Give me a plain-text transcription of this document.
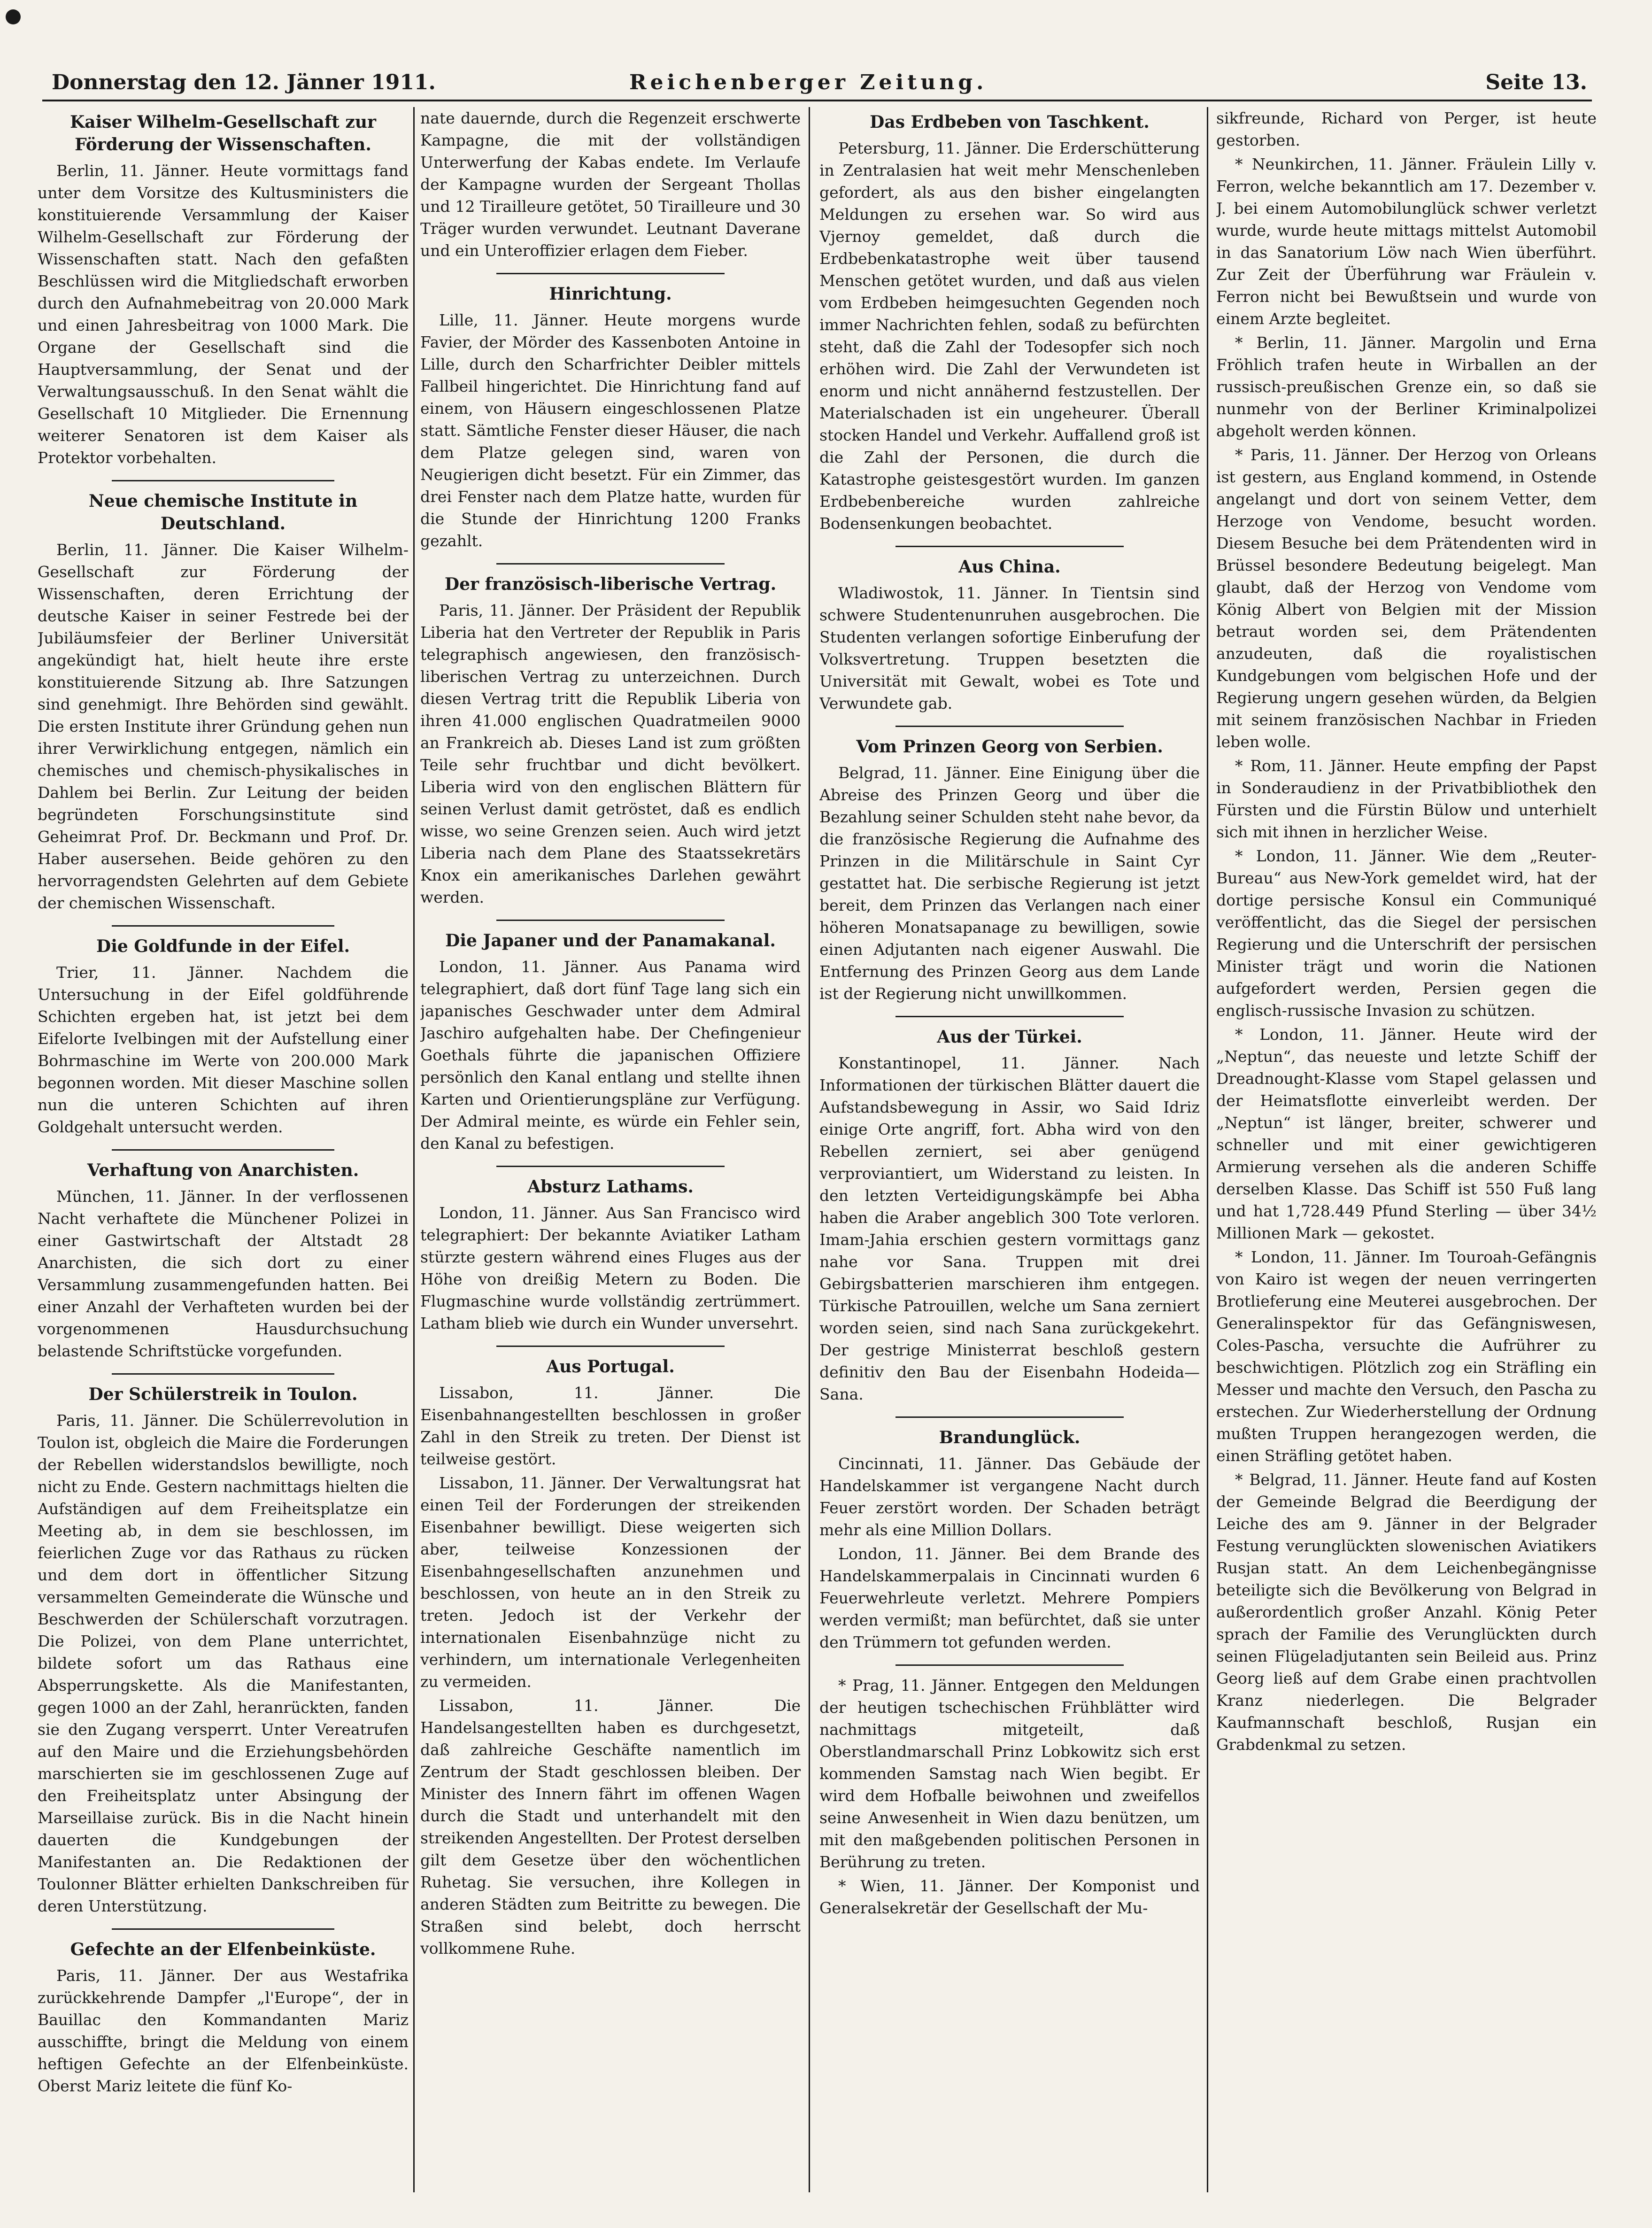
Donnerstag den 12. Jänner 1911.	Reichenberger Zeitung.	Seite 13.
Kaiser Wilhelm-Gesellschaft zur Förderung der Wissenschaften.

Berlin, 11. Jänner. Heute vormittags fand unter dem Vorsitze des Kultusministers die konstituierende Versammlung der Kaiser Wilhelm-Gesellschaft zur Förderung der Wissenschaften statt. Nach den gefaßten Beschlüssen wird die Mitgliedschaft erworben durch den Aufnahmebeitrag von 20.000 Mark und einen Jahresbeitrag von 1000 Mark. Die Organe der Gesellschaft sind die Hauptversammlung, der Senat und der Verwaltungsausschuß. In den Senat wählt die Gesellschaft 10 Mitglieder. Die Ernennung weiterer Senatoren ist dem Kaiser als Protektor vorbehalten.

Neue chemische Institute in Deutschland.

Berlin, 11. Jänner. Die Kaiser Wilhelm-Gesellschaft zur Förderung der Wissenschaften, deren Errichtung der deutsche Kaiser in seiner Festrede bei der Jubiläumsfeier der Berliner Universität angekündigt hat, hielt heute ihre erste konstituierende Sitzung ab. Ihre Satzungen sind genehmigt. Ihre Behörden sind gewählt. Die ersten Institute ihrer Gründung gehen nun ihrer Verwirklichung entgegen, nämlich ein chemisches und chemisch-physikalisches in Dahlem bei Berlin. Zur Leitung der beiden begründeten Forschungsinstitute sind Geheimrat Prof. Dr. Beckmann und Prof. Dr. Haber ausersehen. Beide gehören zu den hervorragendsten Gelehrten auf dem Gebiete der chemischen Wissenschaft.

Die Goldfunde in der Eifel.

Trier, 11. Jänner. Nachdem die Untersuchung in der Eifel goldführende Schichten ergeben hat, ist jetzt bei dem Eifelorte Ivelbingen mit der Aufstellung einer Bohrmaschine im Werte von 200.000 Mark begonnen worden. Mit dieser Maschine sollen nun die unteren Schichten auf ihren Goldgehalt untersucht werden.

Verhaftung von Anarchisten.

München, 11. Jänner. In der verflossenen Nacht verhaftete die Münchener Polizei in einer Gastwirtschaft der Altstadt 28 Anarchisten, die sich dort zu einer Versammlung zusammengefunden hatten. Bei einer Anzahl der Verhafteten wurden bei der vorgenommenen Hausdurchsuchung belastende Schriftstücke vorgefunden.

Der Schülerstreik in Toulon.

Paris, 11. Jänner. Die Schülerrevolution in Toulon ist, obgleich die Maire die Forderungen der Rebellen widerstandslos bewilligte, noch nicht zu Ende. Gestern nachmittags hielten die Aufständigen auf dem Freiheitsplatze ein Meeting ab, in dem sie beschlossen, im feierlichen Zuge vor das Rathaus zu rücken und dem dort in öffentlicher Sitzung versammelten Gemeinderate die Wünsche und Beschwerden der Schülerschaft vorzutragen. Die Polizei, von dem Plane unterrichtet, bildete sofort um das Rathaus eine Absperrungskette. Als die Manifestanten, gegen 1000 an der Zahl, heranrückten, fanden sie den Zugang versperrt. Unter Vereatrufen auf den Maire und die Erziehungsbehörden marschierten sie im geschlossenen Zuge auf den Freiheitsplatz unter Absingung der Marseillaise zurück. Bis in die Nacht hinein dauerten die Kundgebungen der Manifestanten an. Die Redaktionen der Toulonner Blätter erhielten Dankschreiben für deren Unterstützung.

Gefechte an der Elfenbeinküste.

Paris, 11. Jänner. Der aus Westafrika zurückkehrende Dampfer „l'Europe“, der in Bauillac den Kommandanten Mariz ausschiffte, bringt die Meldung von einem heftigen Gefechte an der Elfenbeinküste. Oberst Mariz leitete die fünf Ko-

nate dauernde, durch die Regenzeit erschwerte Kampagne, die mit der vollständigen Unterwerfung der Kabas endete. Im Verlaufe der Kampagne wurden der Sergeant Thollas und 12 Tirailleure getötet, 50 Tirailleure und 30 Träger wurden verwundet. Leutnant Daverane und ein Unteroffizier erlagen dem Fieber.

Hinrichtung.

Lille, 11. Jänner. Heute morgens wurde Favier, der Mörder des Kassenboten Antoine in Lille, durch den Scharfrichter Deibler mittels Fallbeil hingerichtet. Die Hinrichtung fand auf einem, von Häusern eingeschlossenen Platze statt. Sämtliche Fenster dieser Häuser, die nach dem Platze gelegen sind, waren von Neugierigen dicht besetzt. Für ein Zimmer, das drei Fenster nach dem Platze hatte, wurden für die Stunde der Hinrichtung 1200 Franks gezahlt.

Der französisch-liberische Vertrag.

Paris, 11. Jänner. Der Präsident der Republik Liberia hat den Vertreter der Republik in Paris telegraphisch angewiesen, den französisch-liberischen Vertrag zu unterzeichnen. Durch diesen Vertrag tritt die Republik Liberia von ihren 41.000 englischen Quadratmeilen 9000 an Frankreich ab. Dieses Land ist zum größten Teile sehr fruchtbar und dicht bevölkert. Liberia wird von den englischen Blättern für seinen Verlust damit getröstet, daß es endlich wisse, wo seine Grenzen seien. Auch wird jetzt Liberia nach dem Plane des Staatssekretärs Knox ein amerikanisches Darlehen gewährt werden.

Die Japaner und der Panamakanal.

London, 11. Jänner. Aus Panama wird telegraphiert, daß dort fünf Tage lang sich ein japanisches Geschwader unter dem Admiral Jaschiro aufgehalten habe. Der Chefingenieur Goethals führte die japanischen Offiziere persönlich den Kanal entlang und stellte ihnen Karten und Orientierungspläne zur Verfügung. Der Admiral meinte, es würde ein Fehler sein, den Kanal zu befestigen.

Absturz Lathams.

London, 11. Jänner. Aus San Francisco wird telegraphiert: Der bekannte Aviatiker Latham stürzte gestern während eines Fluges aus der Höhe von dreißig Metern zu Boden. Die Flugmaschine wurde vollständig zertrümmert. Latham blieb wie durch ein Wunder unversehrt.

Aus Portugal.

Lissabon, 11. Jänner. Die Eisenbahnangestellten beschlossen in großer Zahl in den Streik zu treten. Der Dienst ist teilweise gestört.

Lissabon, 11. Jänner. Der Verwaltungsrat hat einen Teil der Forderungen der streikenden Eisenbahner bewilligt. Diese weigerten sich aber, teilweise Konzessionen der Eisenbahngesellschaften anzunehmen und beschlossen, von heute an in den Streik zu treten. Jedoch ist der Verkehr der internationalen Eisenbahnzüge nicht zu verhindern, um internationale Verlegenheiten zu vermeiden.

Lissabon, 11. Jänner. Die Handelsangestellten haben es durchgesetzt, daß zahlreiche Geschäfte namentlich im Zentrum der Stadt geschlossen bleiben. Der Minister des Innern fährt im offenen Wagen durch die Stadt und unterhandelt mit den streikenden Angestellten. Der Protest derselben gilt dem Gesetze über den wöchentlichen Ruhetag. Sie versuchen, ihre Kollegen in anderen Städten zum Beitritte zu bewegen. Die Straßen sind belebt, doch herrscht vollkommene Ruhe.

Das Erdbeben von Taschkent.

Petersburg, 11. Jänner. Die Erderschütterung in Zentralasien hat weit mehr Menschenleben gefordert, als aus den bisher eingelangten Meldungen zu ersehen war. So wird aus Vjernoy gemeldet, daß durch die Erdbebenkatastrophe weit über tausend Menschen getötet wurden, und daß aus vielen vom Erdbeben heimgesuchten Gegenden noch immer Nachrichten fehlen, sodaß zu befürchten steht, daß die Zahl der Todesopfer sich noch erhöhen wird. Die Zahl der Verwundeten ist enorm und nicht annähernd festzustellen. Der Materialschaden ist ein ungeheurer. Überall stocken Handel und Verkehr. Auffallend groß ist die Zahl der Personen, die durch die Katastrophe geistesgestört wurden. Im ganzen Erdbebenbereiche wurden zahlreiche Bodensenkungen beobachtet.

Aus China.

Wladiwostok, 11. Jänner. In Tientsin sind schwere Studentenunruhen ausgebrochen. Die Studenten verlangen sofortige Einberufung der Volksvertretung. Truppen besetzten die Universität mit Gewalt, wobei es Tote und Verwundete gab.

Vom Prinzen Georg von Serbien.

Belgrad, 11. Jänner. Eine Einigung über die Abreise des Prinzen Georg und über die Bezahlung seiner Schulden steht nahe bevor, da die französische Regierung die Aufnahme des Prinzen in die Militärschule in Saint Cyr gestattet hat. Die serbische Regierung ist jetzt bereit, dem Prinzen das Verlangen nach einer höheren Monatsapanage zu bewilligen, sowie einen Adjutanten nach eigener Auswahl. Die Entfernung des Prinzen Georg aus dem Lande ist der Regierung nicht unwillkommen.

Aus der Türkei.

Konstantinopel, 11. Jänner. Nach Informationen der türkischen Blätter dauert die Aufstandsbewegung in Assir, wo Said Idriz einige Orte angriff, fort. Abha wird von den Rebellen zerniert, sei aber genügend verproviantiert, um Widerstand zu leisten. In den letzten Verteidigungskämpfe bei Abha haben die Araber angeblich 300 Tote verloren. Imam-Jahia erschien gestern vormittags ganz nahe vor Sana. Truppen mit drei Gebirgsbatterien marschieren ihm entgegen. Türkische Patrouillen, welche um Sana zerniert worden seien, sind nach Sana zurückgekehrt. Der gestrige Ministerrat beschloß gestern definitiv den Bau der Eisenbahn Hodeida—Sana.

Brandunglück.

Cincinnati, 11. Jänner. Das Gebäude der Handelskammer ist vergangene Nacht durch Feuer zerstört worden. Der Schaden beträgt mehr als eine Million Dollars.

London, 11. Jänner. Bei dem Brande des Handelskammerpalais in Cincinnati wurden 6 Feuerwehrleute verletzt. Mehrere Pompiers werden vermißt; man befürchtet, daß sie unter den Trümmern tot gefunden werden.

* Prag, 11. Jänner. Entgegen den Meldungen der heutigen tschechischen Frühblätter wird nachmittags mitgeteilt, daß Oberstlandmarschall Prinz Lobkowitz sich erst kommenden Samstag nach Wien begibt. Er wird dem Hofballe beiwohnen und zweifellos seine Anwesenheit in Wien dazu benützen, um mit den maßgebenden politischen Personen in Berührung zu treten.

* Wien, 11. Jänner. Der Komponist und Generalsekretär der Gesellschaft der Mu-

sikfreunde, Richard von Perger, ist heute gestorben.

* Neunkirchen, 11. Jänner. Fräulein Lilly v. Ferron, welche bekanntlich am 17. Dezember v. J. bei einem Automobilunglück schwer verletzt wurde, wurde heute mittags mittelst Automobil in das Sanatorium Löw nach Wien überführt. Zur Zeit der Überführung war Fräulein v. Ferron nicht bei Bewußtsein und wurde von einem Arzte begleitet.

* Berlin, 11. Jänner. Margolin und Erna Fröhlich trafen heute in Wirballen an der russisch-preußischen Grenze ein, so daß sie nunmehr von der Berliner Kriminalpolizei abgeholt werden können.

* Paris, 11. Jänner. Der Herzog von Orleans ist gestern, aus England kommend, in Ostende angelangt und dort von seinem Vetter, dem Herzoge von Vendome, besucht worden. Diesem Besuche bei dem Prätendenten wird in Brüssel besondere Bedeutung beigelegt. Man glaubt, daß der Herzog von Vendome vom König Albert von Belgien mit der Mission betraut worden sei, dem Prätendenten anzudeuten, daß die royalistischen Kundgebungen vom belgischen Hofe und der Regierung ungern gesehen würden, da Belgien mit seinem französischen Nachbar in Frieden leben wolle.

* Rom, 11. Jänner. Heute empfing der Papst in Sonderaudienz in der Privatbibliothek den Fürsten und die Fürstin Bülow und unterhielt sich mit ihnen in herzlicher Weise.

* London, 11. Jänner. Wie dem „Reuter-Bureau“ aus New-York gemeldet wird, hat der dortige persische Konsul ein Communiqué veröffentlicht, das die Siegel der persischen Regierung und die Unterschrift der persischen Minister trägt und worin die Nationen aufgefordert werden, Persien gegen die englisch-russische Invasion zu schützen.

* London, 11. Jänner. Heute wird der „Neptun“, das neueste und letzte Schiff der Dreadnought-Klasse vom Stapel gelassen und der Heimatsflotte einverleibt werden. Der „Neptun“ ist länger, breiter, schwerer und schneller und mit einer gewichtigeren Armierung versehen als die anderen Schiffe derselben Klasse. Das Schiff ist 550 Fuß lang und hat 1,728.449 Pfund Sterling — über 34½ Millionen Mark — gekostet.

* London, 11. Jänner. Im Touroah-Gefängnis von Kairo ist wegen der neuen verringerten Brotlieferung eine Meuterei ausgebrochen. Der Generalinspektor für das Gefängniswesen, Coles-Pascha, versuchte die Aufrührer zu beschwichtigen. Plötzlich zog ein Sträfling ein Messer und machte den Versuch, den Pascha zu erstechen. Zur Wiederherstellung der Ordnung mußten Truppen herangezogen werden, die einen Sträfling getötet haben.

* Belgrad, 11. Jänner. Heute fand auf Kosten der Gemeinde Belgrad die Beerdigung der Leiche des am 9. Jänner in der Belgrader Festung verunglückten slowenischen Aviatikers Rusjan statt. An dem Leichenbegängnisse beteiligte sich die Bevölkerung von Belgrad in außerordentlich großer Anzahl. König Peter sprach der Familie des Verunglückten durch seinen Flügeladjutanten sein Beileid aus. Prinz Georg ließ auf dem Grabe einen prachtvollen Kranz niederlegen. Die Belgrader Kaufmannschaft beschloß, Rusjan ein Grabdenkmal zu setzen.
